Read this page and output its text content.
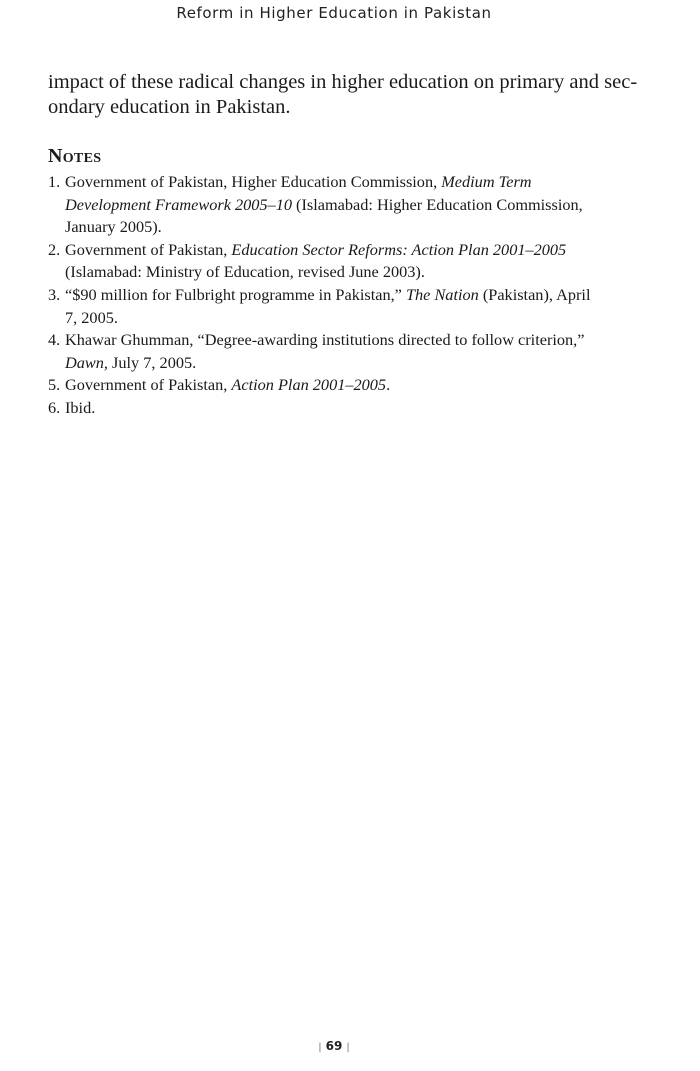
Reform in Higher Education in Pakistan

impact of these radical changes in higher education on primary and sec-
ondary education in Pakistan.

Notes
1. Government of Pakistan, Higher Education Commission, Medium Term
Development Framework 2005–10 (Islamabad: Higher Education Commission,
January 2005).
2. Government of Pakistan, Education Sector Reforms: Action Plan 2001–2005
(Islamabad: Ministry of Education, revised June 2003).
3. “$90 million for Fulbright programme in Pakistan,” The Nation (Pakistan), April
7, 2005.
4. Khawar Ghumman, “Degree-awarding institutions directed to follow criterion,”
Dawn, July 7, 2005.
5. Government of Pakistan, Action Plan 2001–2005.
6. Ibid.
| 69 |
